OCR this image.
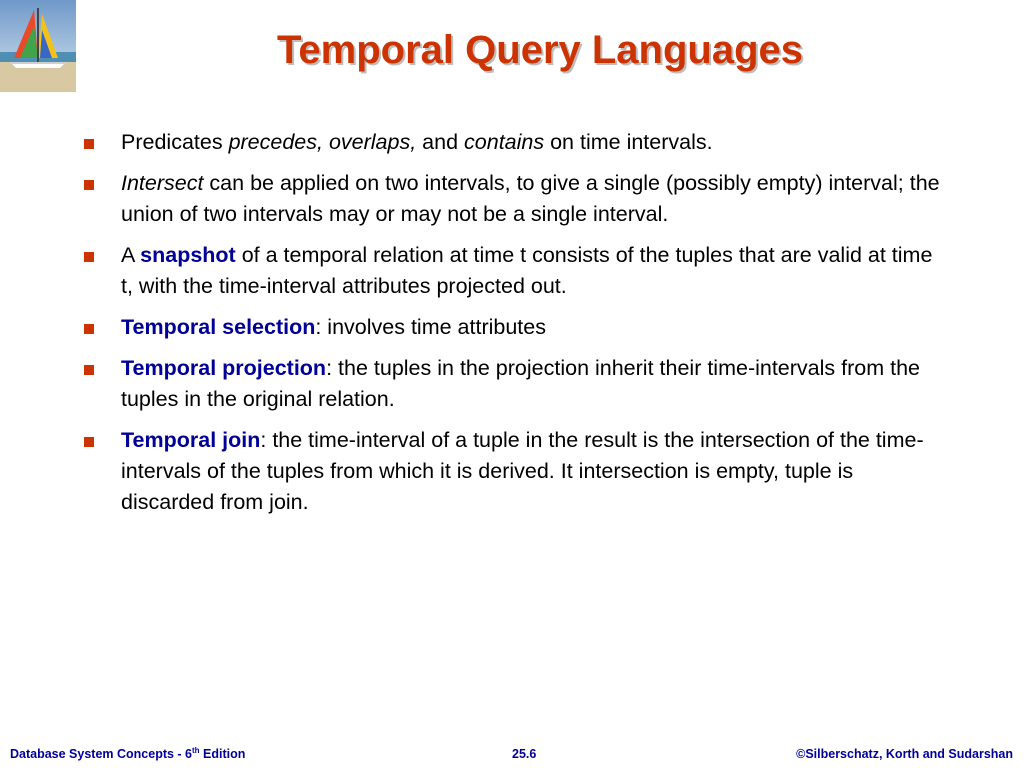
Temporal Query Languages
Predicates precedes, overlaps, and contains on time intervals.
Intersect can be applied on two intervals, to give a single (possibly empty) interval; the union of two intervals may or may not be a single interval.
A snapshot of a temporal relation at time t consists of the tuples that are valid at time t, with the time-interval attributes projected out.
Temporal selection: involves time attributes
Temporal projection: the tuples in the projection inherit their time-intervals from the tuples in the original relation.
Temporal join: the time-interval of a tuple in the result is the intersection of the time-intervals of the tuples from which it is derived. It intersection is empty, tuple is discarded from join.
Database System Concepts - 6th Edition	25.6	©Silberschatz, Korth and Sudarshan
